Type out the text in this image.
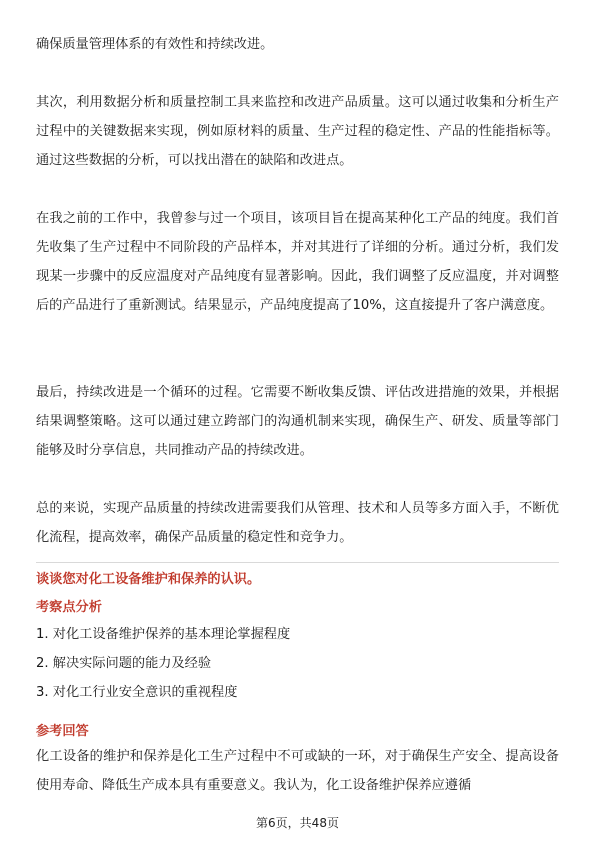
确保质量管理体系的有效性和持续改进。

其次，利用数据分析和质量控制工具来监控和改进产品质量。这可以通过收集和分析生产过程中的关键数据来实现，例如原材料的质量、生产过程的稳定性、产品的性能指标等。通过这些数据的分析，可以找出潜在的缺陷和改进点。

在我之前的工作中，我曾参与过一个项目，该项目旨在提高某种化工产品的纯度。我们首先收集了生产过程中不同阶段的产品样本，并对其进行了详细的分析。通过分析，我们发现某一步骤中的反应温度对产品纯度有显著影响。因此，我们调整了反应温度，并对调整后的产品进行了重新测试。结果显示，产品纯度提高了10%，这直接提升了客户满意度。

最后，持续改进是一个循环的过程。它需要不断收集反馈、评估改进措施的效果，并根据结果调整策略。这可以通过建立跨部门的沟通机制来实现，确保生产、研发、质量等部门能够及时分享信息，共同推动产品的持续改进。

总的来说，实现产品质量的持续改进需要我们从管理、技术和人员等多方面入手，不断优化流程，提高效率，确保产品质量的稳定性和竞争力。

谈谈您对化工设备维护和保养的认识。

考察点分析

1. 对化工设备维护保养的基本理论掌握程度
2. 解决实际问题的能力及经验
3. 对化工行业安全意识的重视程度

参考回答

化工设备的维护和保养是化工生产过程中不可或缺的一环，对于确保生产安全、提高设备使用寿命、降低生产成本具有重要意义。我认为，化工设备维护保养应遵循

第6页，共48页
